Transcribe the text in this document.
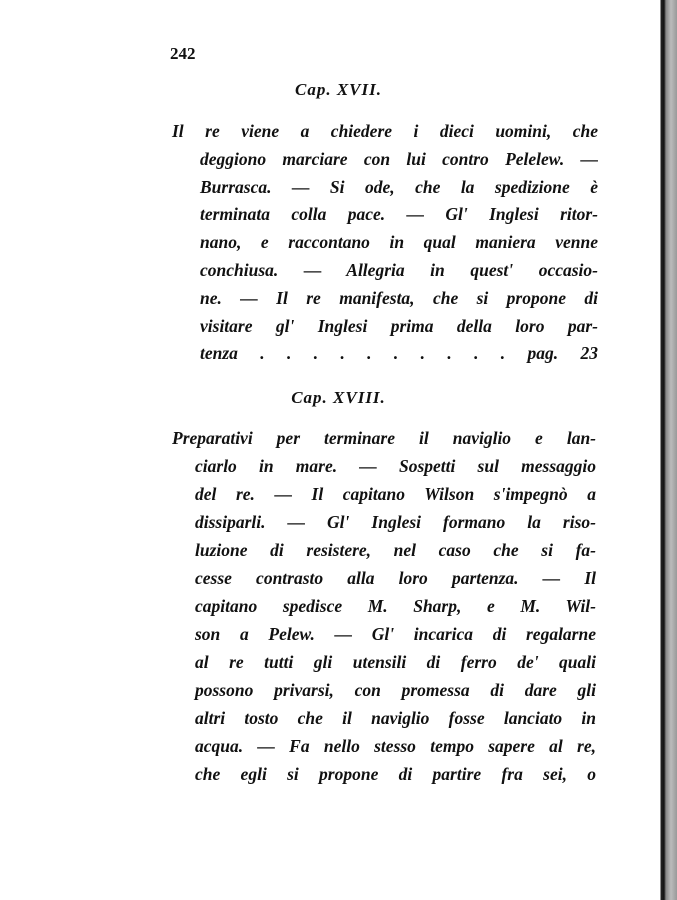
242
Cap. XVII.
Cap. XVIII.
Il re viene a chiedere i dieci uomini, che
deggiono marciare con lui contro Pelelew. —
Burrasca. — Si ode, che la spedizione è
terminata colla pace. — Gl' Inglesi ritor-
nano, e raccontano in qual maniera venne
conchiusa. — Allegria in quest' occasio-
ne. — Il re manifesta, che si propone di
visitare gl' Inglesi prima della loro par-
tenza . . . . . . . . . . pag. 23
Preparativi per terminare il naviglio e lan-
ciarlo in mare. — Sospetti sul messaggio
del re. — Il capitano Wilson s'impegnò a
dissiparli. — Gl' Inglesi formano la riso-
luzione di resistere, nel caso che si fa-
cesse contrasto alla loro partenza. — Il
capitano spedisce M. Sharp, e M. Wil-
son a Pelew. — Gl' incarica di regalarne
al re tutti gli utensili di ferro de' quali
possono privarsi, con promessa di dare gli
altri tosto che il naviglio fosse lanciato in
acqua. — Fa nello stesso tempo sapere al re,
che egli si propone di partire fra sei, o
